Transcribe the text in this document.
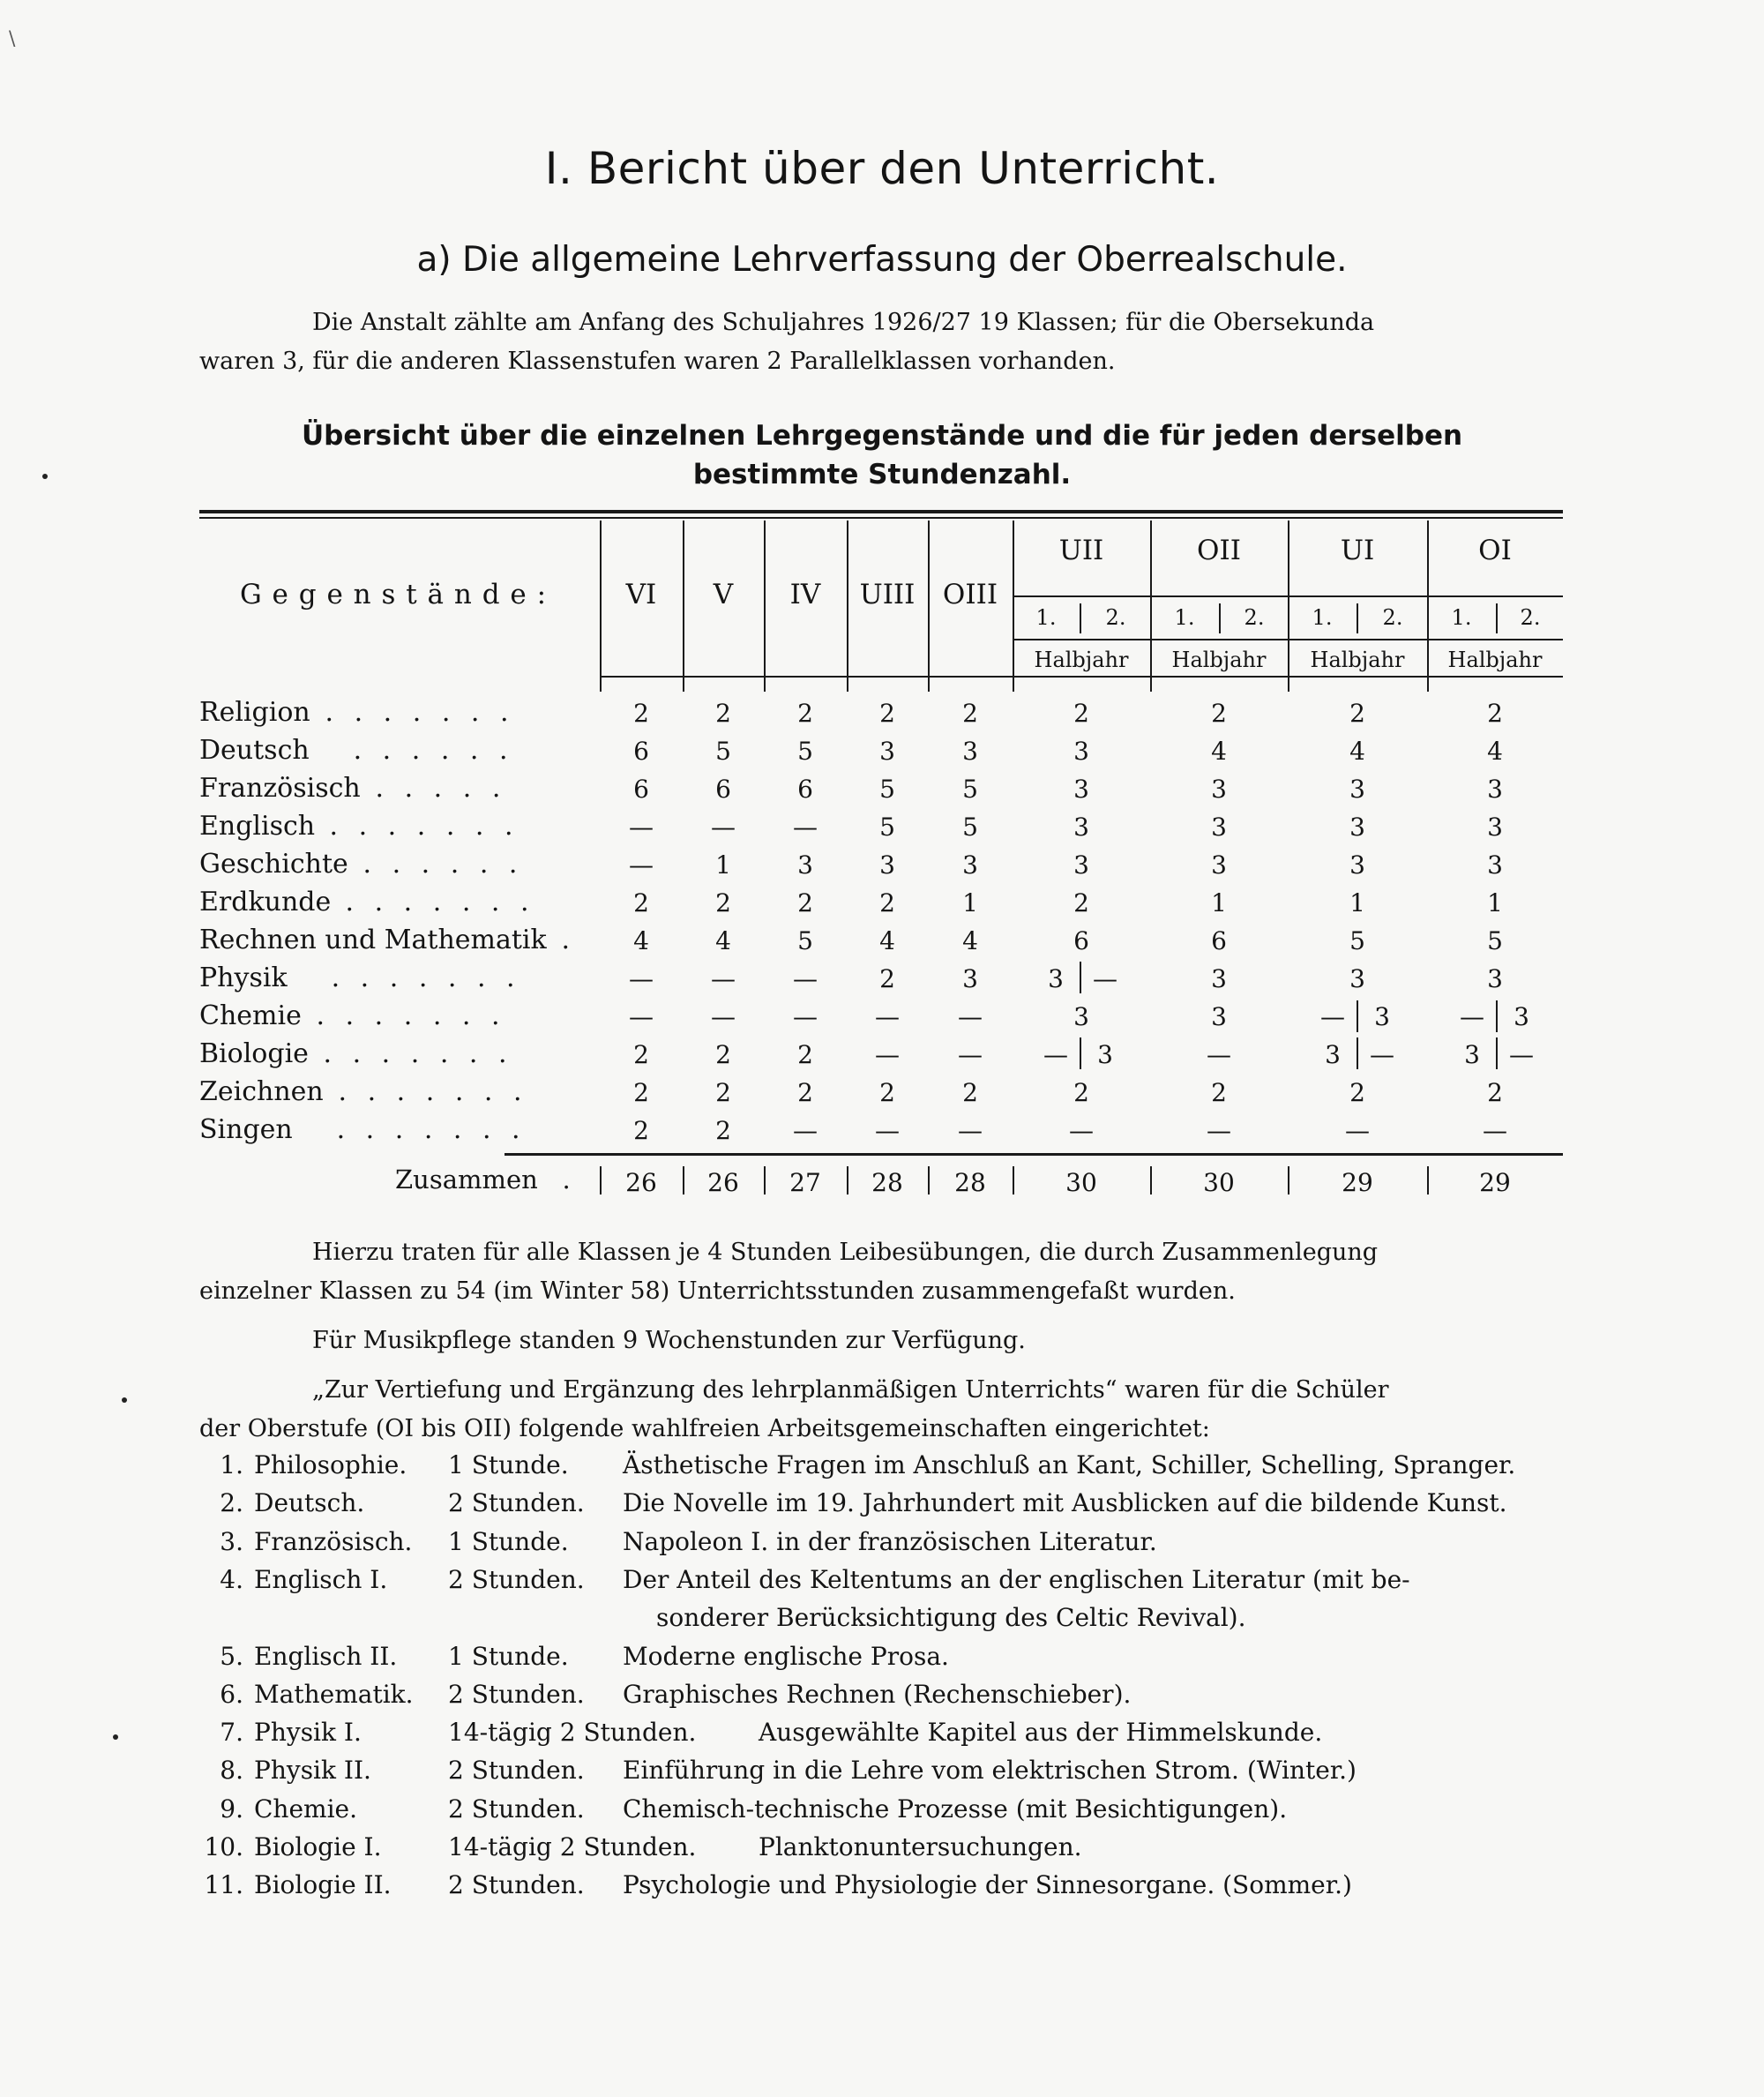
\
I. Bericht über den Unterricht.
a) Die allgemeine Lehrverfassung der Oberrealschule.

Die Anstalt zählte am Anfang des Schuljahres 1926/27 19 Klassen; für die Obersekunda
waren 3, für die anderen Klassenstufen waren 2 Parallelklassen vorhanden.

Übersicht über die einzelnen Lehrgegenstände und die für jeden derselben
bestimmte Stundenzahl.
G e g e n s t ä n d e :	VI	V	IV	UIII	OIII
UII	OII	UI	OI
1.	2.	1.	2.	1.	2.	1.	2.
Halbjahr	Halbjahr	Halbjahr	Halbjahr
Religion . . . . . . .	2	2	2	2	2	2	2	2	2
Deutsch . . . . . .	6	5	5	3	3	3	4	4	4
Französisch . . . . .	6	6	6	5	5	3	3	3	3
Englisch . . . . . . .	—	—	—	5	5	3	3	3	3
Geschichte . . . . . .	—	1	3	3	3	3	3	3	3
Erdkunde . . . . . . .	2	2	2	2	1	2	1	1	1
Rechnen und Mathematik .	4	4	5	4	4	6	6	5	5
Physik . . . . . . .	—	—	—	2	3	3	—	3	3	3
Chemie . . . . . . .	—	—	—	—	—	3	3	—	3	—	3
Biologie . . . . . . .	2	2	2	—	—	—	3	—	3	—	3	—
Zeichnen . . . . . . .	2	2	2	2	2	2	2	2	2
Singen . . . . . . .	2	2	—	—	—	—	—	—	—
Zusammen   .	26	26	27	28	28	30	30	29	29

Hierzu traten für alle Klassen je 4 Stunden Leibesübungen, die durch Zusammenlegung
einzelner Klassen zu 54 (im Winter 58) Unterrichtsstunden zusammengefaßt wurden.

Für Musikpflege standen 9 Wochenstunden zur Verfügung.

„Zur Vertiefung und Ergänzung des lehrplanmäßigen Unterrichts“ waren für die Schüler
der Oberstufe (OI bis OII) folgende wahlfreien Arbeitsgemeinschaften eingerichtet:

1. Philosophie. 1 Stunde. Ästhetische Fragen im Anschluß an Kant, Schiller, Schelling, Spranger.
2. Deutsch.	2 Stunden. Die Novelle im 19. Jahrhundert mit Ausblicken auf die bildende Kunst.
3. Französisch. 1 Stunde. Napoleon I. in der französischen Literatur.
4. Englisch I. 2 Stunden. Der Anteil des Keltentums an der englischen Literatur (mit be-
sonderer Berücksichtigung des Celtic Revival).
5. Englisch II. 1 Stunde. Moderne englische Prosa.
6. Mathematik. 2 Stunden. Graphisches Rechnen (Rechenschieber).
7. Physik I.	14-tägig 2 Stunden.	Ausgewählte Kapitel aus der Himmelskunde.
8. Physik II.	2 Stunden. Einführung in die Lehre vom elektrischen Strom. (Winter.)
9. Chemie.	2 Stunden. Chemisch-technische Prozesse (mit Besichtigungen).
10. Biologie I.	14-tägig 2 Stunden.	Planktonuntersuchungen.
11. Biologie II. 2 Stunden. Psychologie und Physiologie der Sinnesorgane. (Sommer.)
